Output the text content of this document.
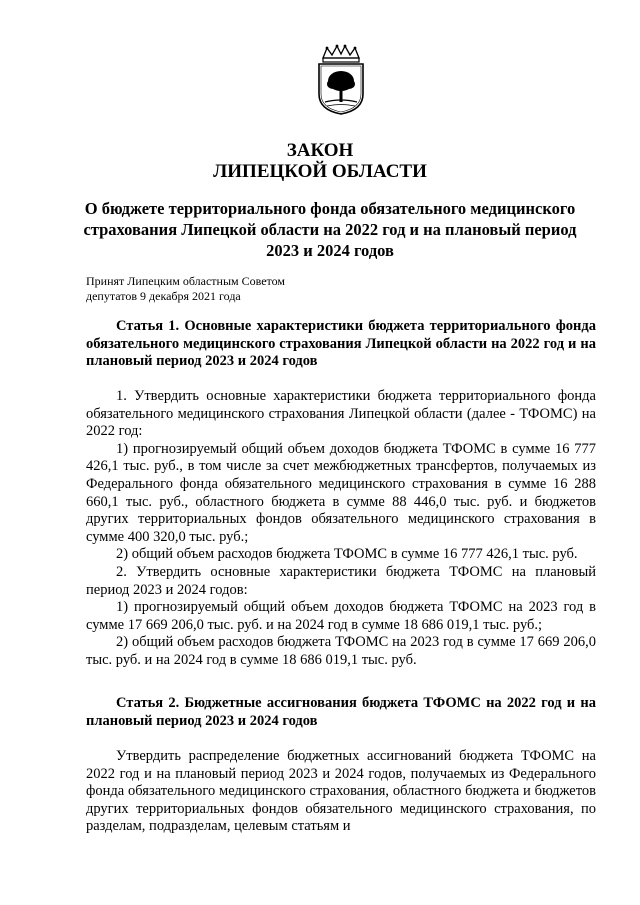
ЗАКОН
ЛИПЕЦКОЙ ОБЛАСТИ
О бюджете территориального фонда обязательного медицинского страхования Липецкой области на 2022 год и на плановый период 2023 и 2024 годов
Принят Липецким областным Советом
депутатов 9 декабря 2021 года

Статья 1. Основные характеристики бюджета территориального фонда обязательного медицинского страхования Липецкой области на 2022 год и на плановый период 2023 и 2024 годов

1. Утвердить основные характеристики бюджета территориального фонда обязательного медицинского страхования Липецкой области (далее - ТФОМС) на 2022 год:

1) прогнозируемый общий объем доходов бюджета ТФОМС в сумме 16 777 426,1 тыс. руб., в том числе за счет межбюджетных трансфертов, получаемых из Федерального фонда обязательного медицинского страхования в сумме 16 288 660,1 тыс. руб., областного бюджета в сумме 88 446,0 тыс. руб. и бюджетов других территориальных фондов обязательного медицинского страхования в сумме 400 320,0 тыс. руб.;

2) общий объем расходов бюджета ТФОМС в сумме 16 777 426,1 тыс. руб.

2. Утвердить основные характеристики бюджета ТФОМС на плановый период 2023 и 2024 годов:

1) прогнозируемый общий объем доходов бюджета ТФОМС на 2023 год в сумме 17 669 206,0 тыс. руб. и на 2024 год в сумме 18 686 019,1 тыс. руб.;

2) общий объем расходов бюджета ТФОМС на 2023 год в сумме 17 669 206,0 тыс. руб. и на 2024 год в сумме 18 686 019,1 тыс. руб.

Статья 2. Бюджетные ассигнования бюджета ТФОМС на 2022 год и на плановый период 2023 и 2024 годов

Утвердить распределение бюджетных ассигнований бюджета ТФОМС на 2022 год и на плановый период 2023 и 2024 годов, получаемых из Федерального фонда обязательного медицинского страхования, областного бюджета и бюджетов других территориальных фондов обязательного медицинского страхования, по разделам, подразделам, целевым статьям и
